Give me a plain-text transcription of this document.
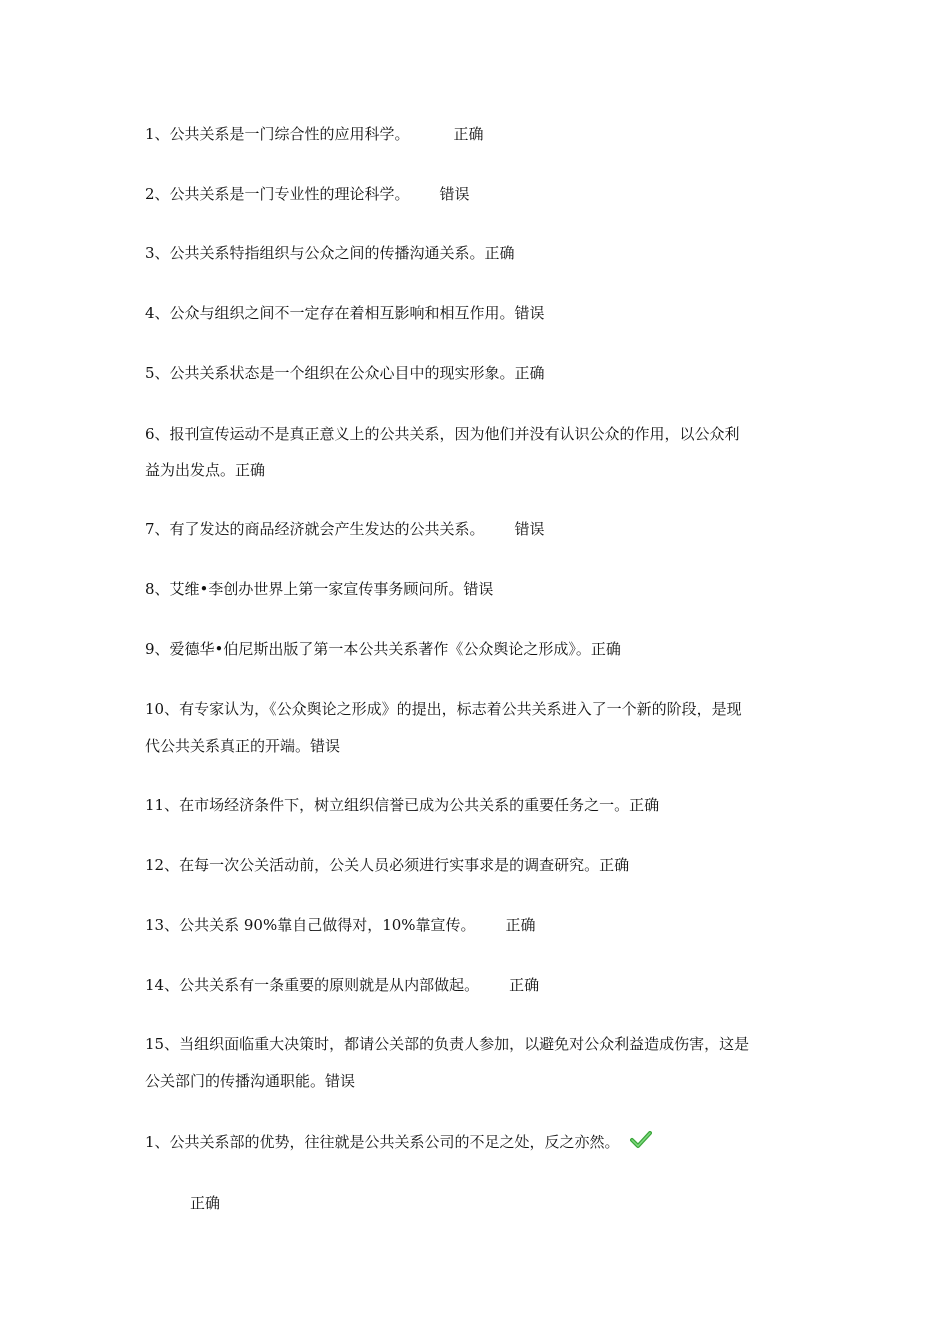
1、公共关系是一门综合性的应用科学。	正确
2、公共关系是一门专业性的理论科学。 错误
3、公共关系特指组织与公众之间的传播沟通关系。正确
4、公众与组织之间不一定存在着相互影响和相互作用。错误
5、公共关系状态是一个组织在公众心目中的现实形象。正确
6、报刊宣传运动不是真正意义上的公共关系，因为他们并没有认识公众的作用，以公众利
益为出发点。正确
7、有了发达的商品经济就会产生发达的公共关系。 错误
8、艾维•李创办世界上第一家宣传事务顾问所。错误
9、爱德华•伯尼斯出版了第一本公共关系著作《公众舆论之形成》。正确
10、有专家认为，《公众舆论之形成》的提出，标志着公共关系进入了一个新的阶段，是现
代公共关系真正的开端。错误
11、在市场经济条件下，树立组织信誉已成为公共关系的重要任务之一。正确
12、在每一次公关活动前，公关人员必须进行实事求是的调查研究。正确
13、公共关系 90%靠自己做得对，10%靠宣传。 正确
14、公共关系有一条重要的原则就是从内部做起。 正确
15、当组织面临重大决策时，都请公关部的负责人参加，以避免对公众利益造成伤害，这是
公关部门的传播沟通职能。错误
1、公共关系部的优势，往往就是公共关系公司的不足之处，反之亦然。
正确
